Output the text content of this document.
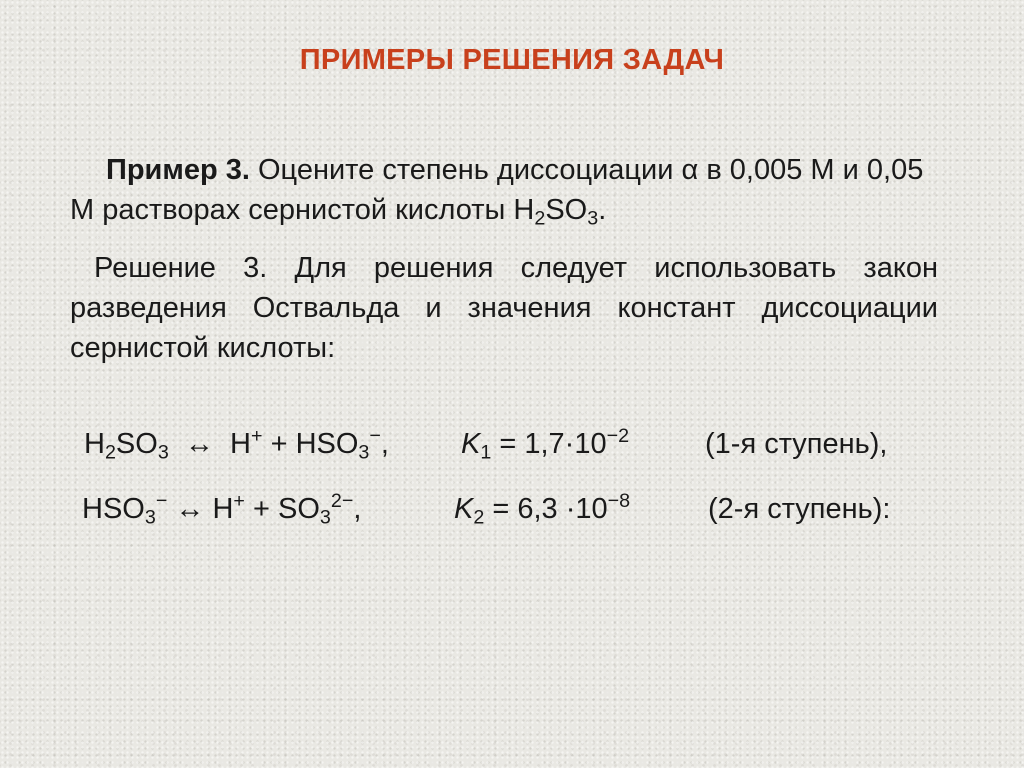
ПРИМЕРЫ РЕШЕНИЯ ЗАДАЧ
Пример 3. Оцените степень диссоциации α в 0,005 М и 0,05 М растворах сернистой кислоты $H_2SO_3$.
Решение 3. Для решения следует использовать закон разведения Оствальда и значения констант диссоциации сернистой кислоты:
$H_2SO_3$ ↔ $H^+ + HSO_3^-$, $K_1 = 1,7\cdot 10^{-2}$	(1-я ступень),
$HSO_3^-$ ↔ $H^+ + SO_3^{2-}$,	$K_2 = 6,3 \cdot 10^{-8}$	(2-я ступень):
